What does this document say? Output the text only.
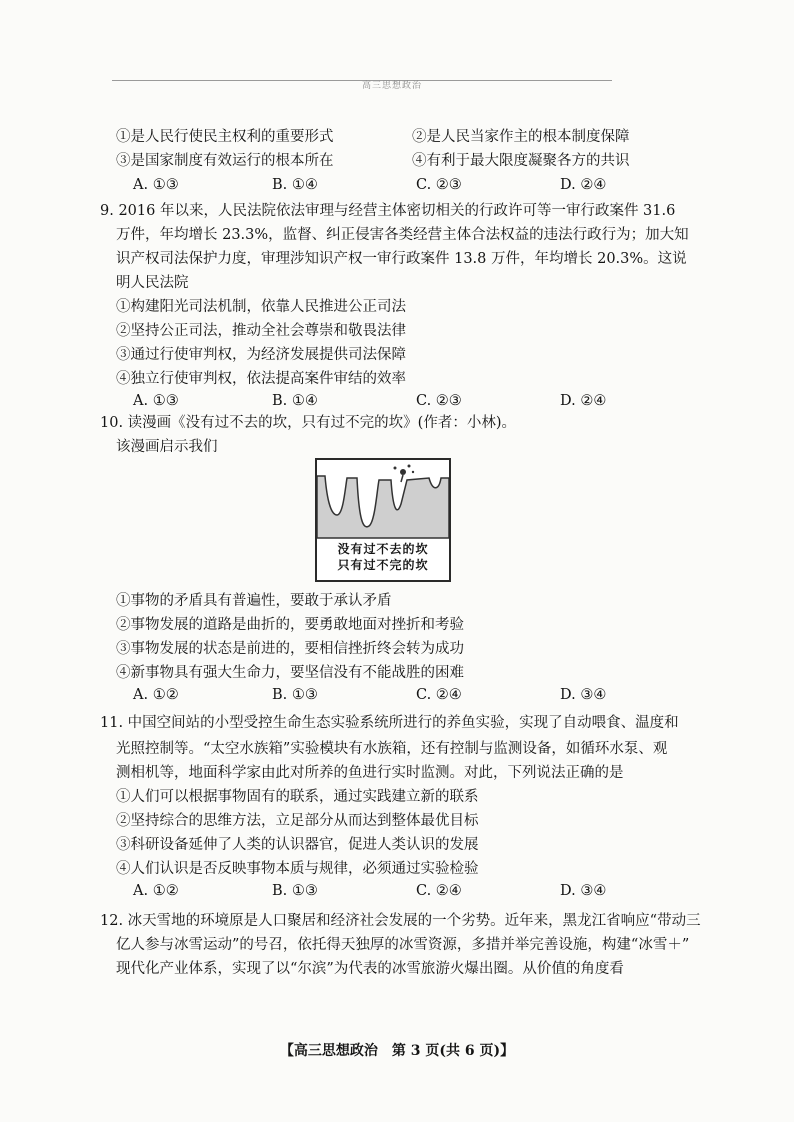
高三思想政治
①是人民行使民主权利的重要形式	②是人民当家作主的根本制度保障
③是国家制度有效运行的根本所在	④有利于最大限度凝聚各方的共识
A. ①③	B. ①④	C. ②③	D. ②④
9. 2016 年以来，人民法院依法审理与经营主体密切相关的行政许可等一审行政案件 31.6
万件，年均增长 23.3%，监督、纠正侵害各类经营主体合法权益的违法行政行为；加大知
识产权司法保护力度，审理涉知识产权一审行政案件 13.8 万件，年均增长 20.3%。这说
明人民法院
①构建阳光司法机制，依靠人民推进公正司法
②坚持公正司法，推动全社会尊崇和敬畏法律
③通过行使审判权，为经济发展提供司法保障
④独立行使审判权，依法提高案件审结的效率
A. ①③	B. ①④	C. ②③	D. ②④
10. 读漫画《没有过不去的坎，只有过不完的坎》(作者：小林)。
该漫画启示我们
没有过不去的坎
只有过不完的坎
①事物的矛盾具有普遍性，要敢于承认矛盾
②事物发展的道路是曲折的，要勇敢地面对挫折和考验
③事物发展的状态是前进的，要相信挫折终会转为成功
④新事物具有强大生命力，要坚信没有不能战胜的困难
A. ①②	B. ①③	C. ②④	D. ③④
11. 中国空间站的小型受控生命生态实验系统所进行的养鱼实验，实现了自动喂食、温度和
光照控制等。“太空水族箱”实验模块有水族箱，还有控制与监测设备，如循环水泵、观
测相机等，地面科学家由此对所养的鱼进行实时监测。对此，下列说法正确的是
①人们可以根据事物固有的联系，通过实践建立新的联系
②坚持综合的思维方法，立足部分从而达到整体最优目标
③科研设备延伸了人类的认识器官，促进人类认识的发展
④人们认识是否反映事物本质与规律，必须通过实验检验
A. ①②	B. ①③	C. ②④	D. ③④
12. 冰天雪地的环境原是人口聚居和经济社会发展的一个劣势。近年来，黑龙江省响应“带动三
亿人参与冰雪运动”的号召，依托得天独厚的冰雪资源，多措并举完善设施，构建“冰雪＋”
现代化产业体系，实现了以“尔滨”为代表的冰雪旅游火爆出圈。从价值的角度看
【高三思想政治　第 3 页(共 6 页)】
